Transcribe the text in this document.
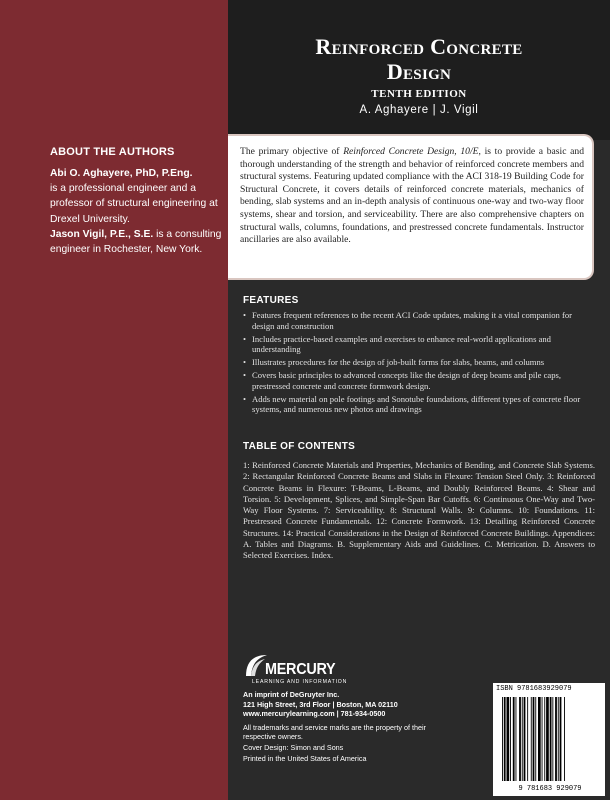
Reinforced Concrete
Design
TENTH EDITION
A. Aghayere | J. Vigil
ABOUT THE AUTHORS
Abi O. Aghayere, PhD, P.Eng.
is a professional engineer and a professor of structural engineering at Drexel University.
Jason Vigil, P.E., S.E. is a consulting engineer in Rochester, New York.

The primary objective of Reinforced Concrete Design, 10/E, is to provide a basic and thorough understanding of the strength and behavior of reinforced concrete members and structural systems. Featuring updated compliance with the ACI 318-19 Building Code for Structural Concrete, it covers details of reinforced concrete materials, mechanics of bending, slab systems and an in-depth analysis of continuous one-way and two-way floor systems, shear and torsion, and serviceability. There are also comprehensive chapters on structural walls, columns, foundations, and prestressed concrete fundamentals. Instructor ancillaries are also available.

FEATURES
• Features frequent references to the recent ACI Code updates, making it a vital companion for design and construction
• Includes practice-based examples and exercises to enhance real-world applications and understanding
• Illustrates procedures for the design of job-built forms for slabs, beams, and columns
• Covers basic principles to advanced concepts like the design of deep beams and pile caps, prestressed concrete and concrete formwork design.
• Adds new material on pole footings and Sonotube foundations, different types of concrete floor systems, and numerous new photos and drawings
TABLE OF CONTENTS

1: Reinforced Concrete Materials and Properties, Mechanics of Bending, and Concrete Slab Systems. 2: Rectangular Reinforced Concrete Beams and Slabs in Flexure: Tension Steel Only. 3: Reinforced Concrete Beams in Flexure: T-Beams, L-Beams, and Doubly Reinforced Beams. 4: Shear and Torsion. 5: Development, Splices, and Simple-Span Bar Cutoffs. 6: Continuous One-Way and Two-Way Floor Systems. 7: Serviceability. 8: Structural Walls. 9: Columns. 10: Foundations. 11: Prestressed Concrete Fundamentals. 12: Concrete Formwork. 13: Detailing Reinforced Concrete Structures. 14: Practical Considerations in the Design of Reinforced Concrete Buildings. Appendices: A. Tables and Diagrams. B. Supplementary Aids and Guidelines. C. Metrication. D. Answers to Selected Exercises. Index.

MERCURY
LEARNING AND INFORMATION
An imprint of DeGruyter Inc.
121 High Street, 3rd Floor | Boston, MA 02110
www.mercurylearning.com | 781-934-0500
All trademarks and service marks are the property of their respective owners.
Cover Design: Simon and Sons
Printed in the United States of America
ISBN 9781683929079
9 781683 929079
